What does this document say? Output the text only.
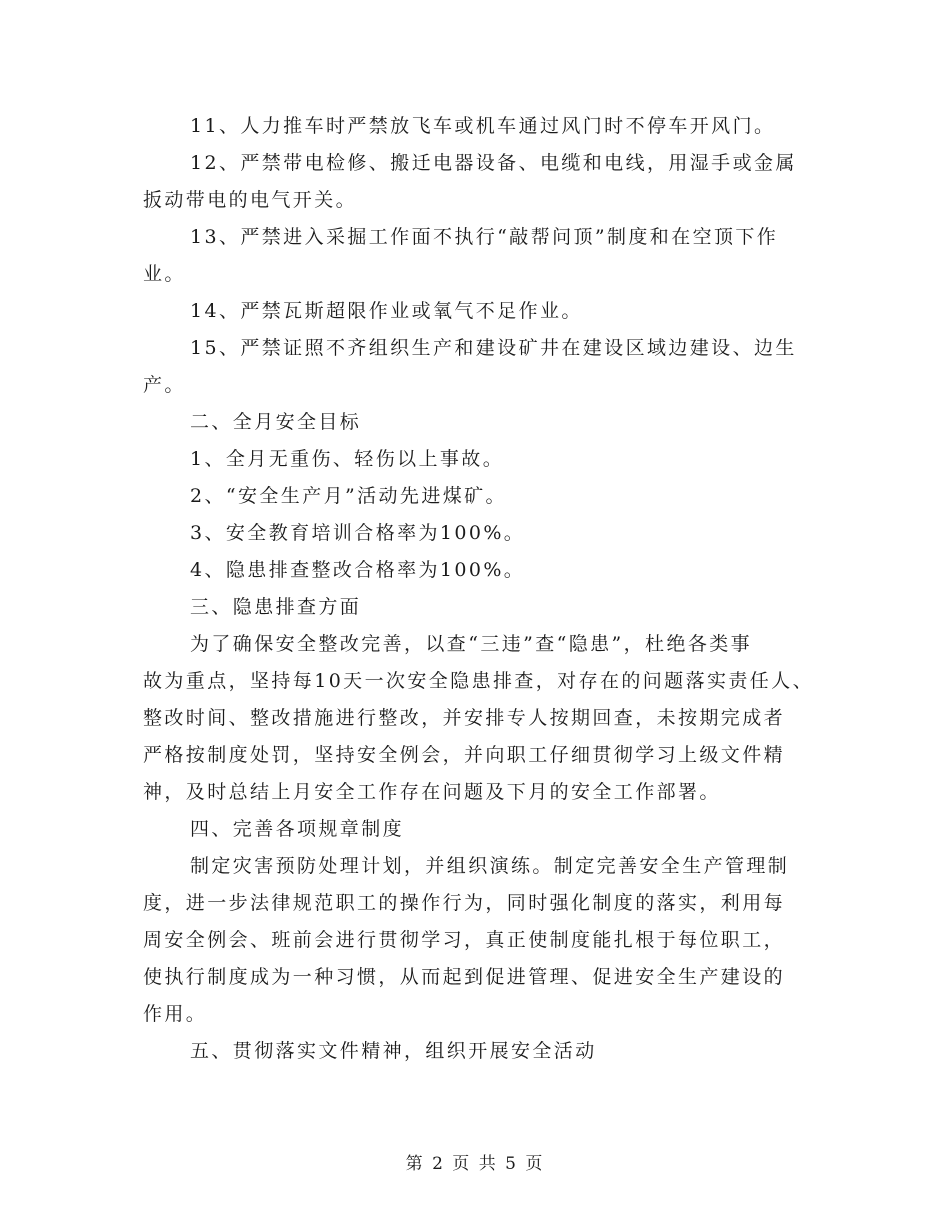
11、人力推车时严禁放飞车或机车通过风门时不停车开风门。
12、严禁带电检修、搬迁电器设备、电缆和电线，用湿手或金属
扳动带电的电气开关。
13、严禁进入采掘工作面不执行“敲帮问顶”制度和在空顶下作
业。
14、严禁瓦斯超限作业或氧气不足作业。
15、严禁证照不齐组织生产和建设矿井在建设区域边建设、边生
产。
二、全月安全目标
1、全月无重伤、轻伤以上事故。
2、“安全生产月”活动先进煤矿。
3、安全教育培训合格率为100%。
4、隐患排查整改合格率为100%。
三、隐患排查方面
为了确保安全整改完善，以查“三违”查“隐患”，杜绝各类事
故为重点，坚持每10天一次安全隐患排查，对存在的问题落实责任人、
整改时间、整改措施进行整改，并安排专人按期回查，未按期完成者
严格按制度处罚，坚持安全例会，并向职工仔细贯彻学习上级文件精
神，及时总结上月安全工作存在问题及下月的安全工作部署。
四、完善各项规章制度
制定灾害预防处理计划，并组织演练。制定完善安全生产管理制
度，进一步法律规范职工的操作行为，同时强化制度的落实，利用每
周安全例会、班前会进行贯彻学习，真正使制度能扎根于每位职工，
使执行制度成为一种习惯，从而起到促进管理、促进安全生产建设的
作用。
五、贯彻落实文件精神，组织开展安全活动
第 2 页 共 5 页
